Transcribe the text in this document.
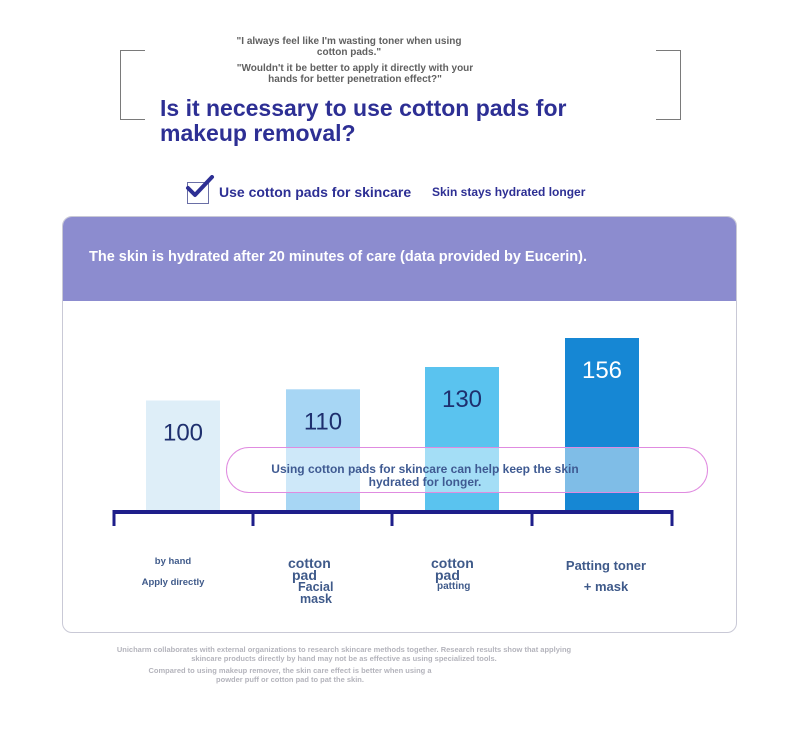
"I always feel like I'm wasting toner when using cotton pads."
"Wouldn't it be better to apply it directly with your hands for better penetration effect?"
Is it necessary to use cotton pads for makeup removal?
Use cotton pads for skincare Skin stays hydrated longer
The skin is hydrated after 20 minutes of care (data provided by Eucerin).
100	110
130
156
by hand
Apply directly
cotton
pad
Facial
mask
cotton
pad
patting
Patting toner
+ mask
Using cotton pads for skincare can help keep the skin hydrated for longer.
Unicharm collaborates with external organizations to research skincare methods together. Research results show that applying skincare products directly by hand may not be as effective as using specialized tools.
Compared to using makeup remover, the skin care effect is better when using a powder puff or cotton pad to pat the skin.
